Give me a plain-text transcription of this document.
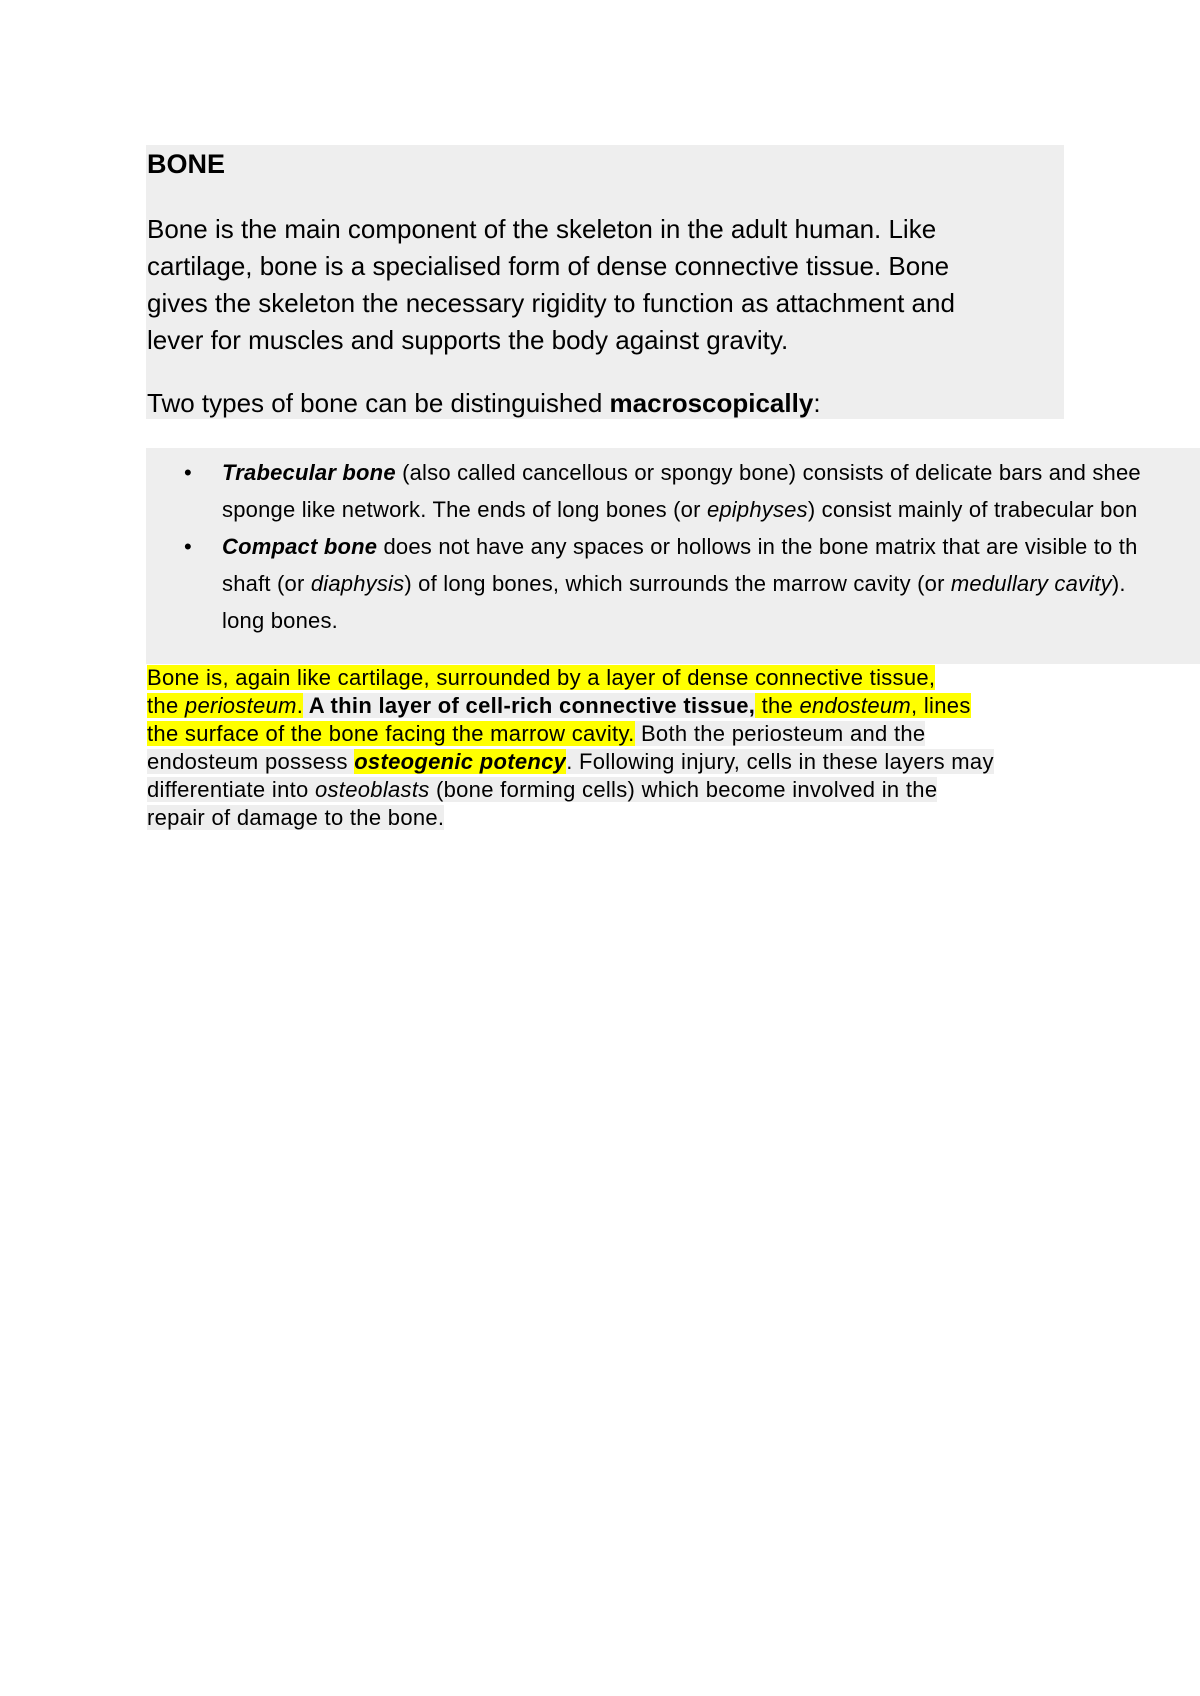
BONE

Bone is the main component of the skeleton in the adult human. Like
cartilage, bone is a specialised form of dense connective tissue. Bone
gives the skeleton the necessary rigidity to function as attachment and
lever for muscles and supports the body against gravity.

Two types of bone can be distinguished macroscopically:

• Trabecular bone (also called cancellous or spongy bone) consists of delicate bars and shee
sponge like network. The ends of long bones (or epiphyses) consist mainly of trabecular bon
• Compact bone does not have any spaces or hollows in the bone matrix that are visible to th
shaft (or diaphysis) of long bones, which surrounds the marrow cavity (or medullary cavity).
long bones.

Bone is, again like cartilage, surrounded by a layer of dense connective tissue,
the periosteum. A thin layer of cell-rich connective tissue, the endosteum, lines
the surface of the bone facing the marrow cavity. Both the periosteum and the
endosteum possess osteogenic potency. Following injury, cells in these layers may
differentiate into osteoblasts (bone forming cells) which become involved in the
repair of damage to the bone.
